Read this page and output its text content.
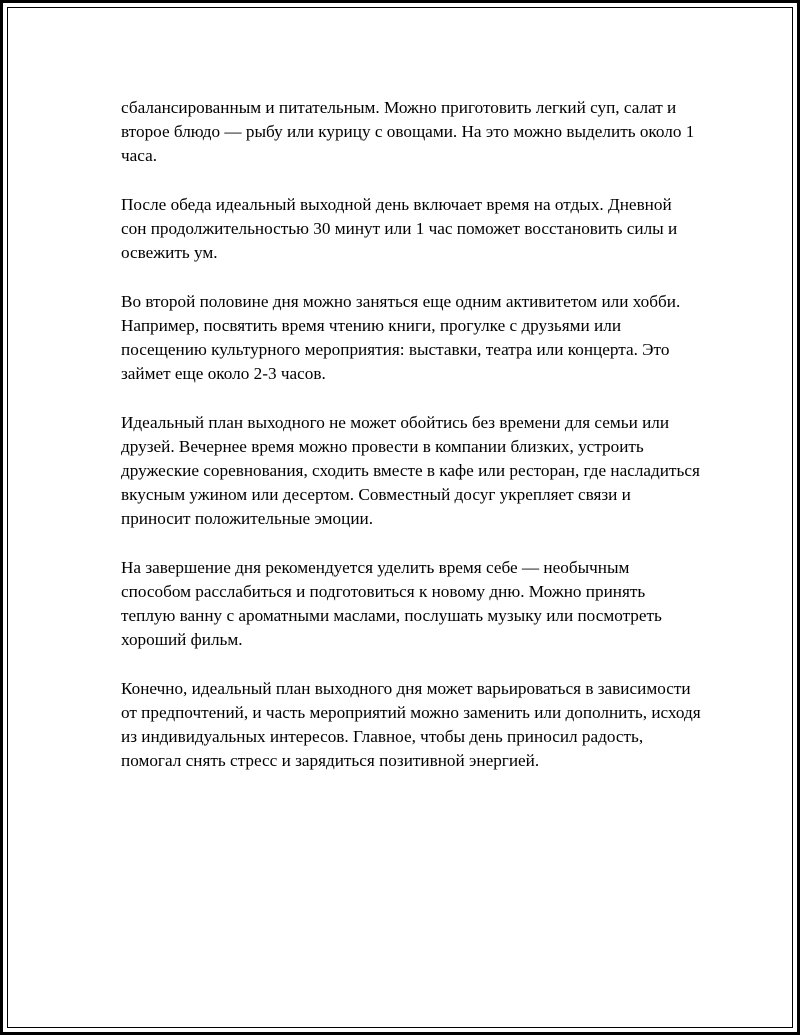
сбалансированным и питательным. Можно приготовить легкий суп, салат и второе блюдо — рыбу или курицу с овощами. На это можно выделить около 1 часа.

После обеда идеальный выходной день включает время на отдых. Дневной сон продолжительностью 30 минут или 1 час поможет восстановить силы и освежить ум.

Во второй половине дня можно заняться еще одним активитетом или хобби. Например, посвятить время чтению книги, прогулке с друзьями или посещению культурного мероприятия: выставки, театра или концерта. Это займет еще около 2-3 часов.

Идеальный план выходного не может обойтись без времени для семьи или друзей. Вечернее время можно провести в компании близких, устроить дружеские соревнования, сходить вместе в кафе или ресторан, где насладиться вкусным ужином или десертом. Совместный досуг укрепляет связи и приносит положительные эмоции.

На завершение дня рекомендуется уделить время себе — необычным способом расслабиться и подготовиться к новому дню. Можно принять теплую ванну с ароматными маслами, послушать музыку или посмотреть хороший фильм.

Конечно, идеальный план выходного дня может варьироваться в зависимости от предпочтений, и часть мероприятий можно заменить или дополнить, исходя из индивидуальных интересов. Главное, чтобы день приносил радость, помогал снять стресс и зарядиться позитивной энергией.
